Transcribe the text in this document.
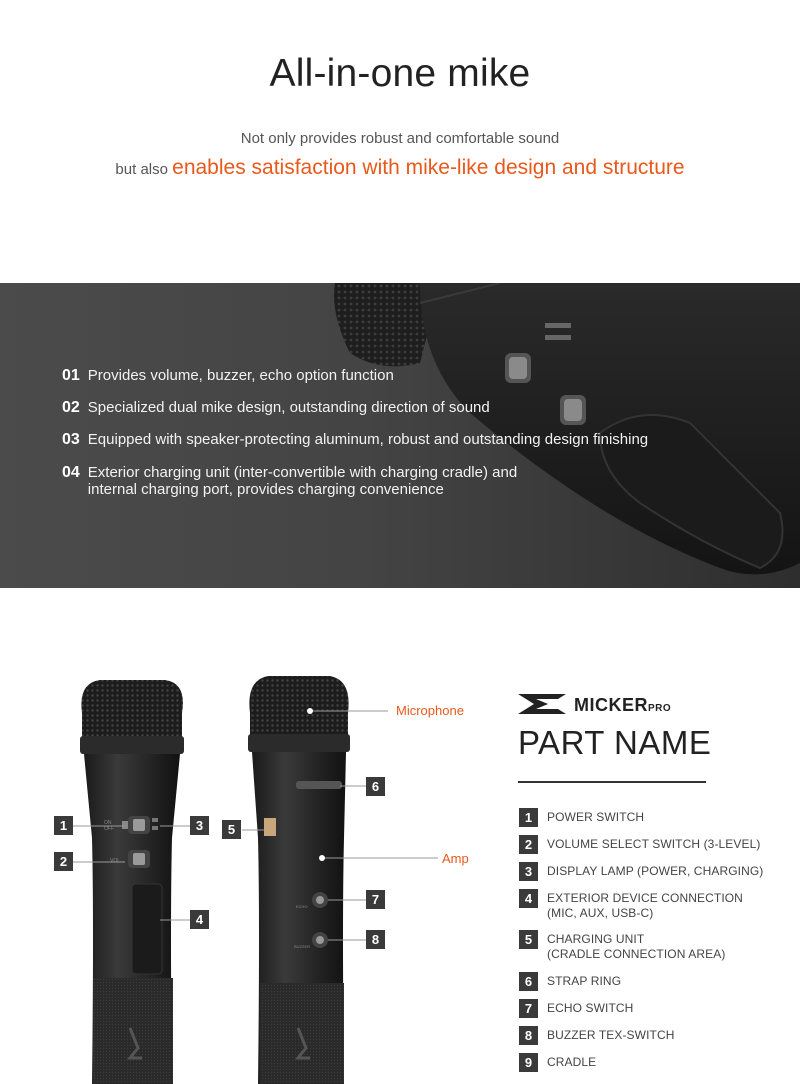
All-in-one mike

Not only provides robust and comfortable sound

but also enables satisfaction with mike-like design and structure

01 Provides volume, buzzer, echo option function
02 Specialized dual mike design, outstanding direction of sound
03 Equipped with speaker-protecting aluminum, robust and outstanding design finishing
04 Exterior charging unit (inter-convertible with charging cradle) and
internal charging port, provides charging convenience
ON
OFF
VOL
ECHO
BUZZER
Microphone
Amp
1
2
3
4
5
6
7
8
MICKERPRO
PART NAME
1	POWER SWITCH
2	VOLUME SELECT SWITCH (3-LEVEL)
3	DISPLAY LAMP (POWER, CHARGING)
4	EXTERIOR DEVICE CONNECTION
(MIC, AUX, USB-C)
5	CHARGING UNIT
(CRADLE CONNECTION AREA)
6	STRAP RING
7	ECHO SWITCH
8	BUZZER TEX-SWITCH
9	CRADLE
